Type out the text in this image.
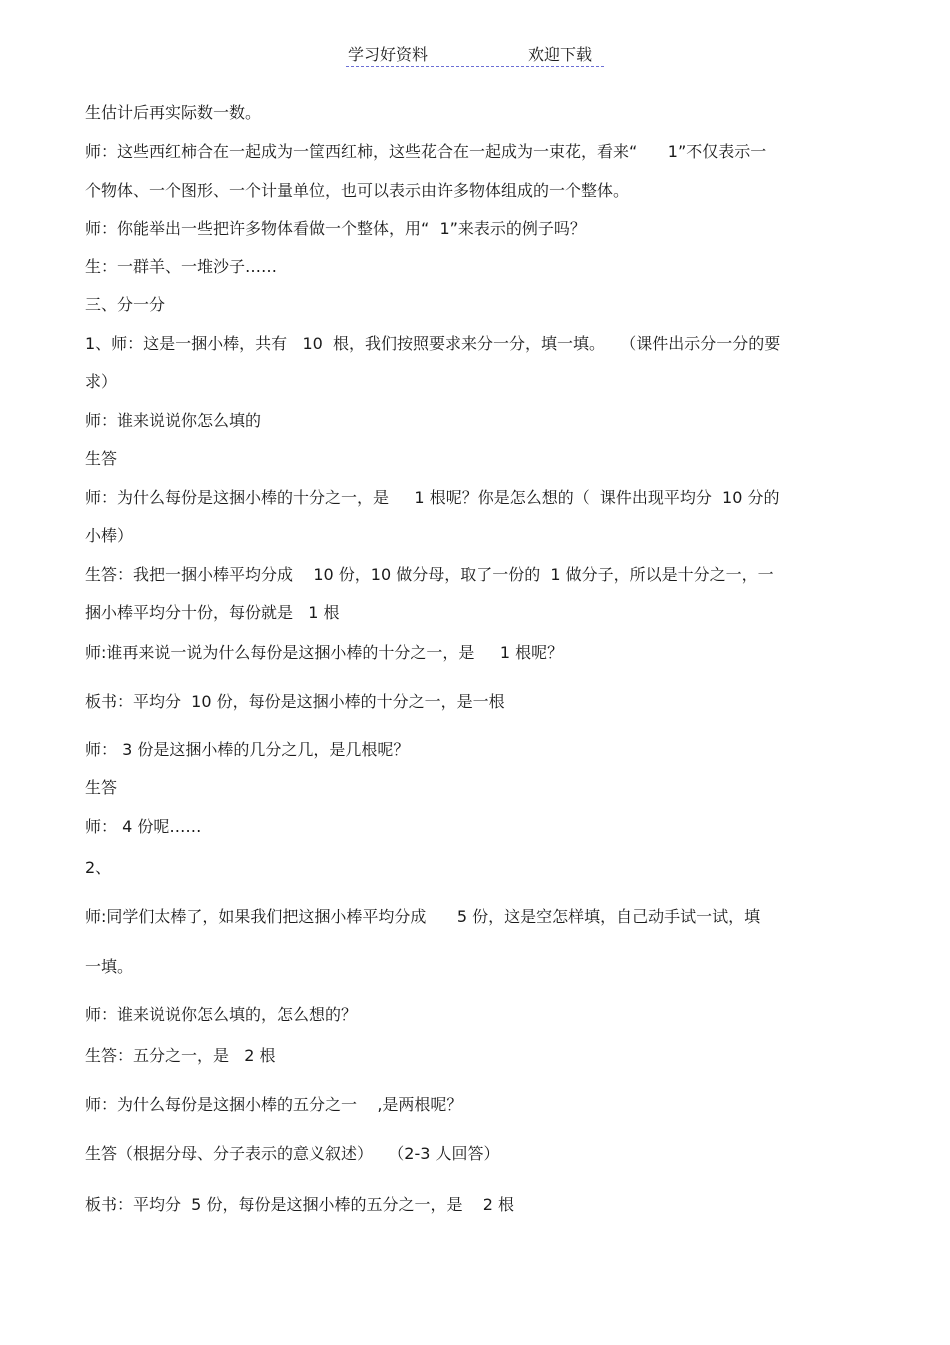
学习好资料	欢迎下载
生估计后再实际数一数。
师：这些西红柿合在一起成为一筐西红柿，这些花合在一起成为一束花，看来“      1”不仅表示一
个物体、一个图形、一个计量单位，也可以表示由许多物体组成的一个整体。
师：你能举出一些把许多物体看做一个整体，用“  1”来表示的例子吗？
生：一群羊、一堆沙子……
三、分一分
1、师：这是一捆小棒，共有   10  根，我们按照要求来分一分，填一填。   （课件出示分一分的要
求）
师：谁来说说你怎么填的
生答
师：为什么每份是这捆小棒的十分之一，是     1 根呢？你是怎么想的（  课件出现平均分  10 分的
小棒）
生答：我把一捆小棒平均分成    10 份，10 做分母，取了一份的  1 做分子，所以是十分之一，一
捆小棒平均分十份，每份就是   1 根
师:谁再来说一说为什么每份是这捆小棒的十分之一，是     1 根呢？
板书：平均分  10 份，每份是这捆小棒的十分之一，是一根
师： 3 份是这捆小棒的几分之几，是几根呢？
生答
师： 4 份呢……
2、
师:同学们太棒了，如果我们把这捆小棒平均分成      5 份，这是空怎样填，自己动手试一试，填
一填。
师：谁来说说你怎么填的，怎么想的？
生答：五分之一，是   2 根
师：为什么每份是这捆小棒的五分之一    ,是两根呢？
生答（根据分母、分子表示的意义叙述）   （2-3 人回答）
板书：平均分  5 份，每份是这捆小棒的五分之一，是    2 根
